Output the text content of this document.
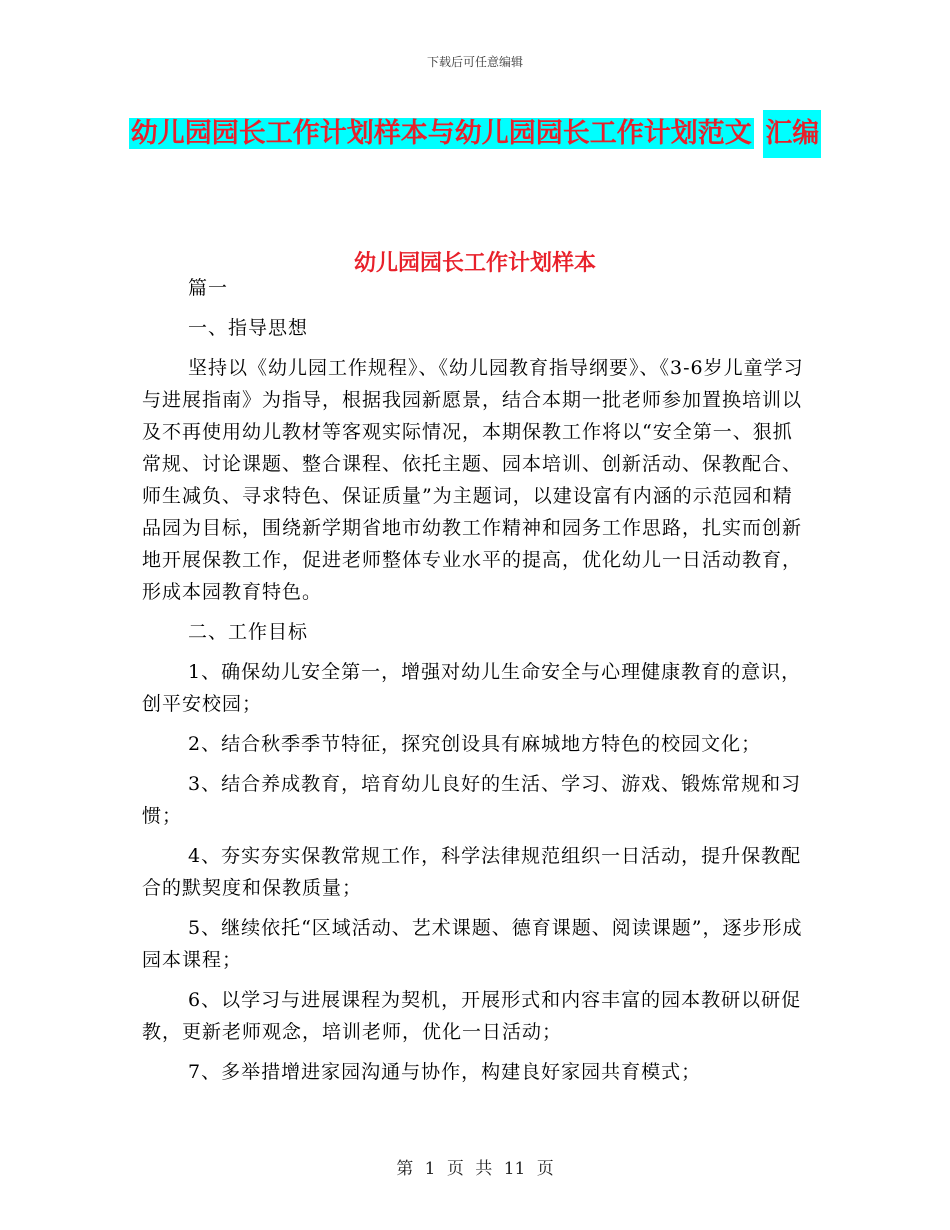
下载后可任意编辑
幼儿园园长工作计划样本与幼儿园园长工作计划范文 汇编
幼儿园园长工作计划样本

篇一

一、指导思想

坚持以《幼儿园工作规程》、《幼儿园教育指导纲要》、《3-6岁儿童学习与进展指南》为指导，根据我园新愿景，结合本期一批老师参加置换培训以及不再使用幼儿教材等客观实际情况，本期保教工作将以“安全第一、狠抓常规、讨论课题、整合课程、依托主题、园本培训、创新活动、保教配合、师生减负、寻求特色、保证质量”为主题词，以建设富有内涵的示范园和精品园为目标，围绕新学期省地市幼教工作精神和园务工作思路，扎实而创新地开展保教工作，促进老师整体专业水平的提高，优化幼儿一日活动教育，形成本园教育特色。

二、工作目标

1、确保幼儿安全第一，增强对幼儿生命安全与心理健康教育的意识，创平安校园；

2、结合秋季季节特征，探究创设具有麻城地方特色的校园文化；

3、结合养成教育，培育幼儿良好的生活、学习、游戏、锻炼常规和习惯；

4、夯实夯实保教常规工作，科学法律规范组织一日活动，提升保教配合的默契度和保教质量；

5、继续依托“区域活动、艺术课题、德育课题、阅读课题”，逐步形成园本课程；

6、以学习与进展课程为契机，开展形式和内容丰富的园本教研以研促教，更新老师观念，培训老师，优化一日活动；

7、多举措增进家园沟通与协作，构建良好家园共育模式；

第 1 页 共 11 页
